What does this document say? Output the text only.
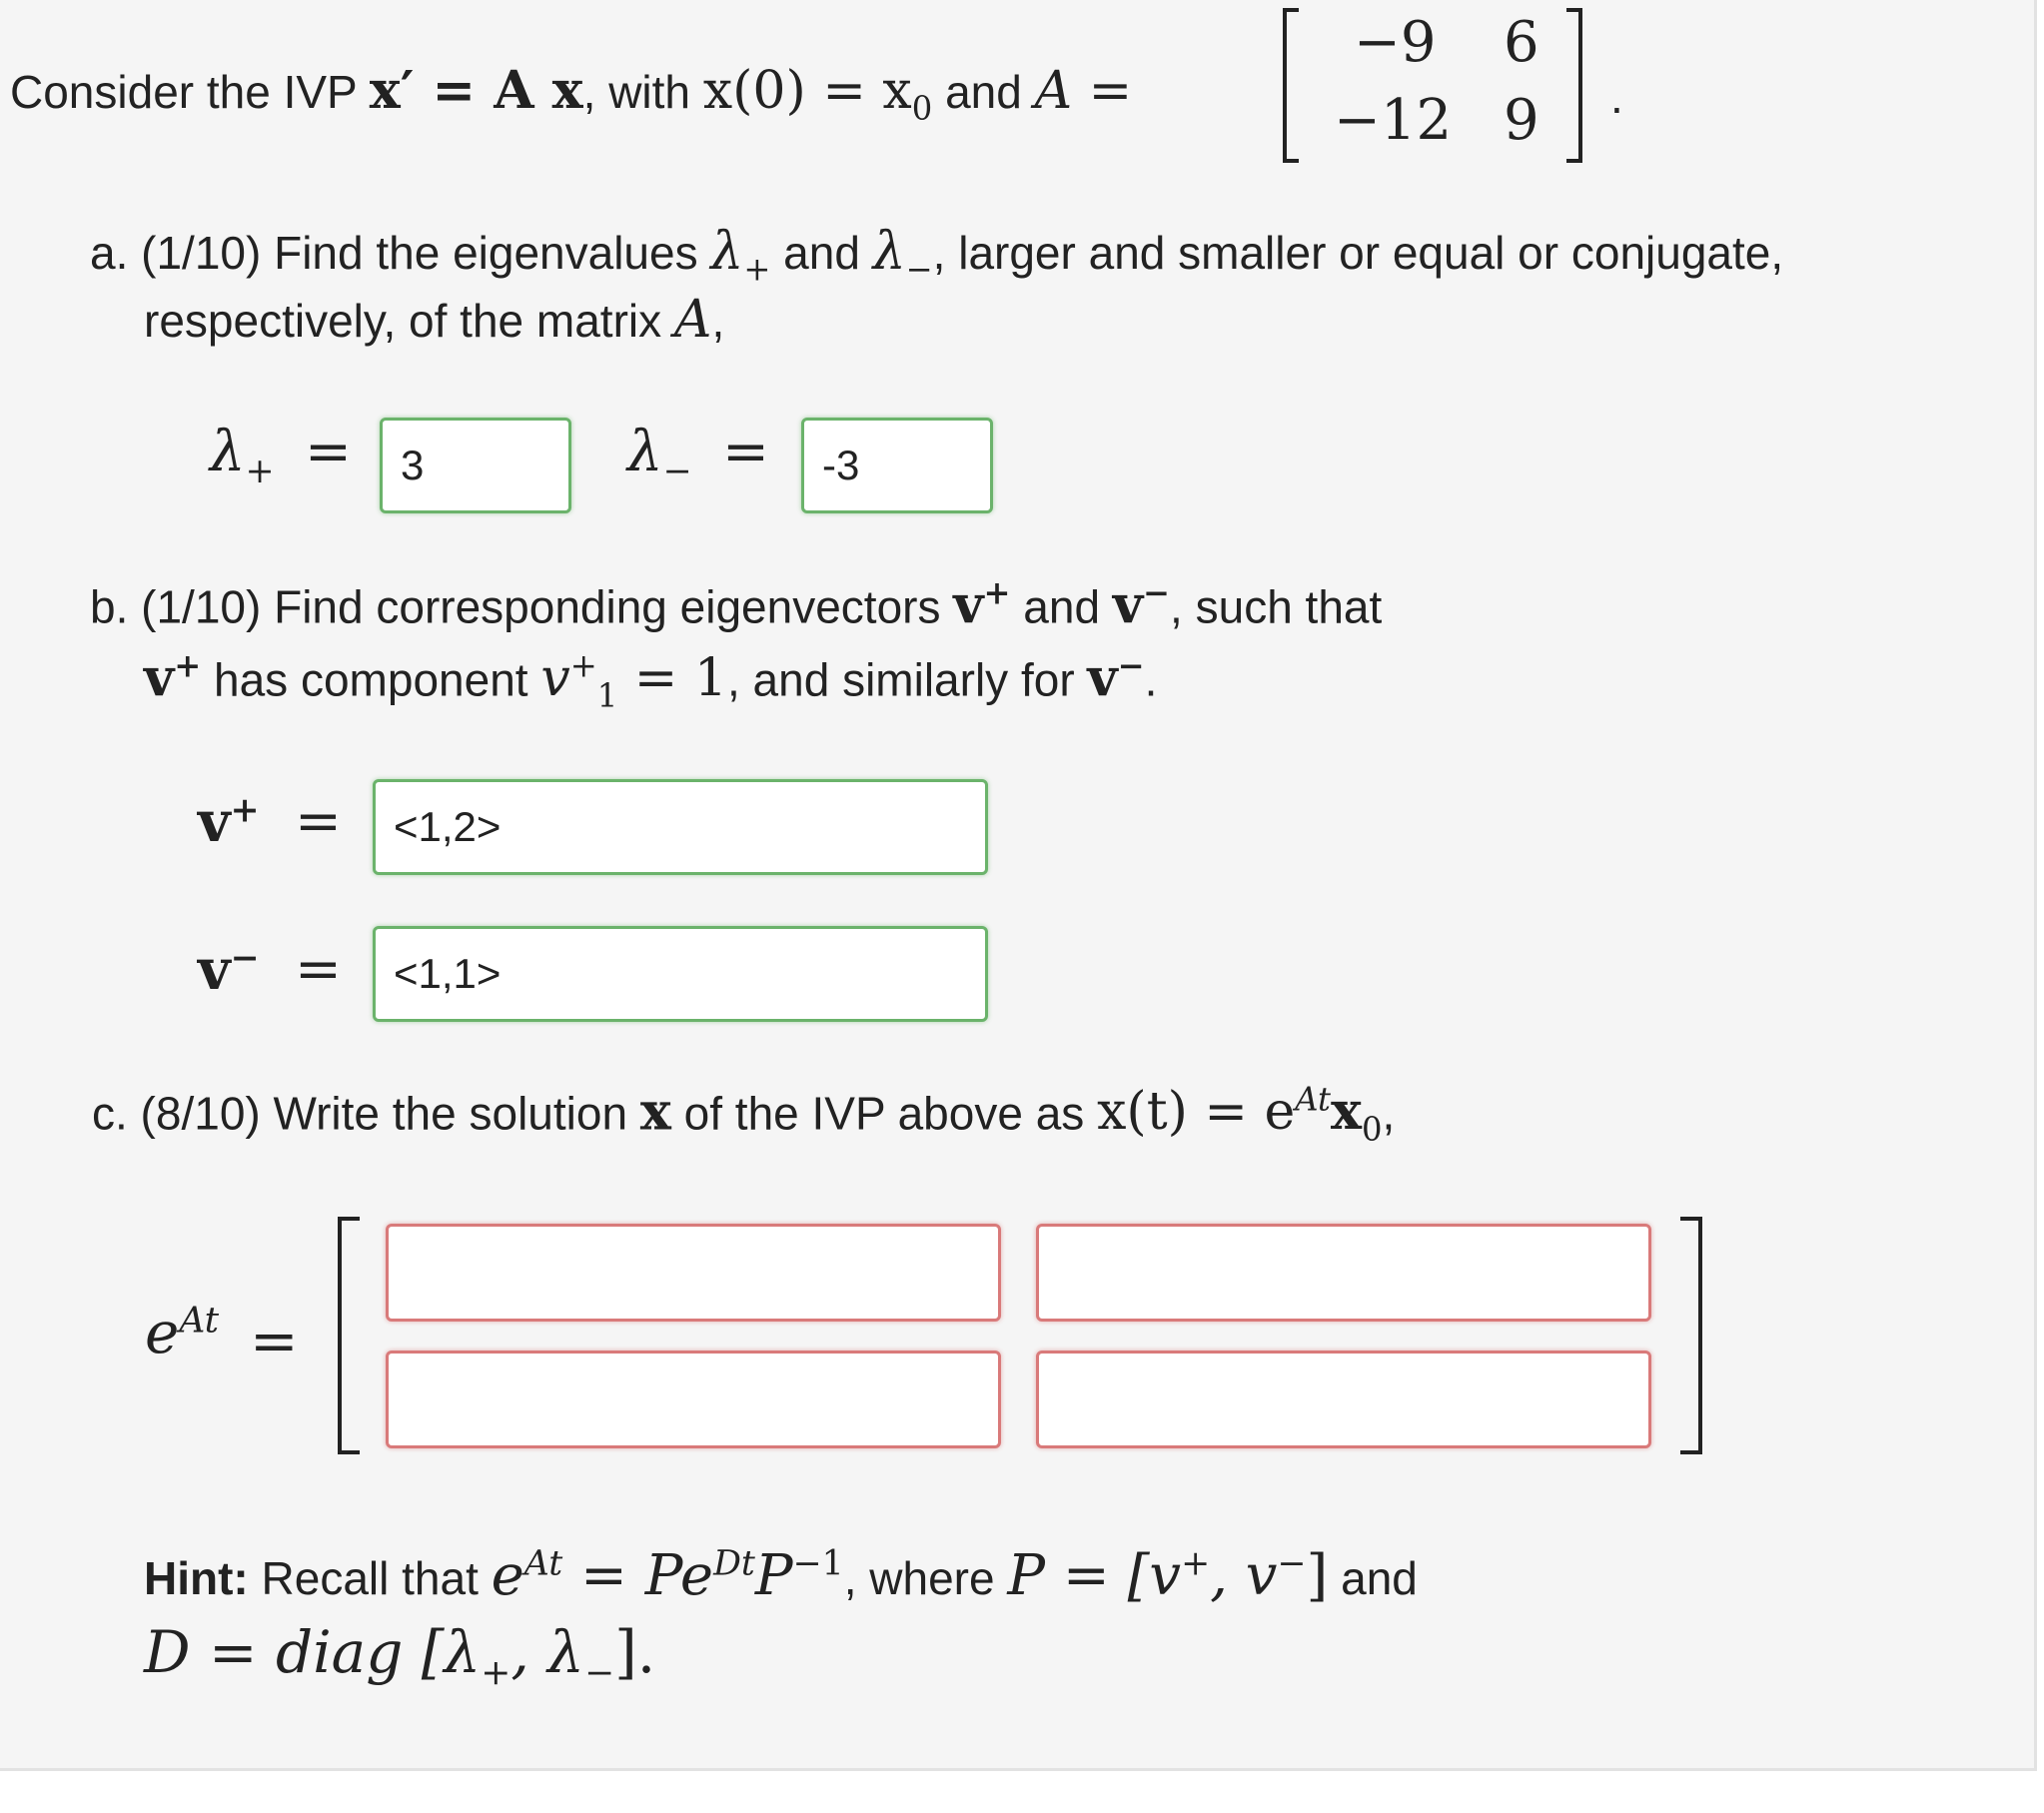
Consider the IVP x′ = A x, with $x(0) = x_0$ and A =
−9 6
−12 9 .
a. (1/10) Find the eigenvalues $\lambda_+$ and $\lambda_-$, larger and smaller or equal or conjugate,
respectively, of the matrix A,
$\lambda_+$ =	3	$\lambda_-$ =	-3
b. (1/10) Find corresponding eigenvectors v+ and v−, such that
v+ has component $v^+_1 = 1$, and similarly for v−.
v+ =	<1,2>
v− =	<1,1>
c. (8/10) Write the solution x of the IVP above as $x(t) = e^{At}x_0$,
$e^{At}$ =
Hint: Recall that $e^{At} = Pe^{Dt}P^{-1}$, where P = [v+, v−] and
D = diag [$\lambda_+$, $\lambda_-$].
